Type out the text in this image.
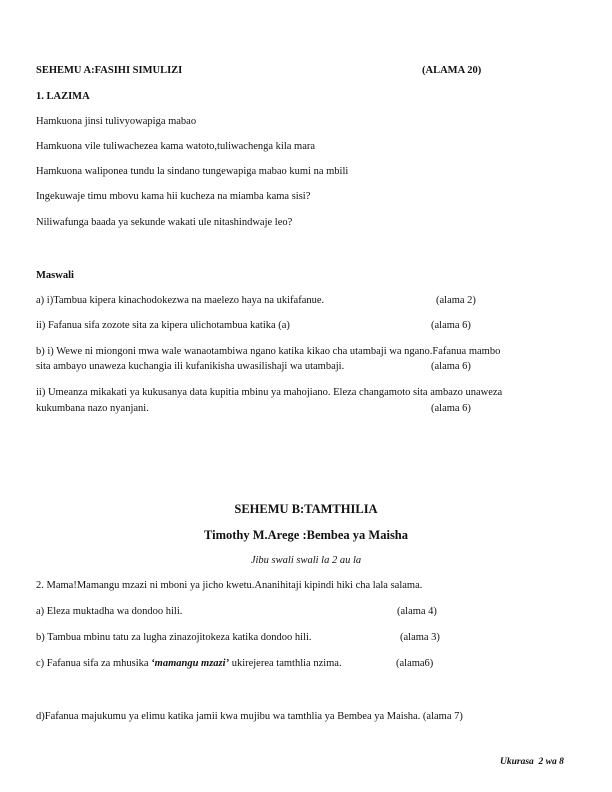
SEHEMU A:FASIHI SIMULIZI	(ALAMA 20)
1. LAZIMA
Hamkuona jinsi tulivyowapiga mabao
Hamkuona vile tuliwachezea kama watoto,tuliwachenga kila mara
Hamkuona waliponea tundu la sindano tungewapiga mabao kumi na mbili
Ingekuwaje timu mbovu kama hii kucheza na miamba kama sisi?
Niliwafunga baada ya sekunde wakati ule nitashindwaje leo?
Maswali
a) i)Tambua kipera kinachodokezwa na maelezo haya na ukifafanue.	(alama 2)
ii) Fafanua sifa zozote sita za kipera ulichotambua katika (a)	(alama 6)
b) i) Wewe ni miongoni mwa wale wanaotambiwa ngano katika kikao cha utambaji wa ngano.Fafanua mambo
sita ambayo unaweza kuchangia ili kufanikisha uwasilishaji wa utambaji.	(alama 6)
ii) Umeanza mikakati ya kukusanya data kupitia mbinu ya mahojiano. Eleza changamoto sita ambazo unaweza
kukumbana nazo nyanjani.	(alama 6)
SEHEMU B:TAMTHILIA
Timothy M.Arege :Bembea ya Maisha
Jibu swali swali la 2 au la
2. Mama!Mamangu mzazi ni mboni ya jicho kwetu.Ananihitaji kipindi hiki cha lala salama.
a) Eleza muktadha wa dondoo hili.	(alama 4)
b) Tambua mbinu tatu za lugha zinazojitokeza katika dondoo hili.	(alama 3)
c) Fafanua sifa za mhusika ‘mamangu mzazi’ ukirejerea tamthlia nzima.	(alama6)
d)Fafanua majukumu ya elimu katika jamii kwa mujibu wa tamthlia ya Bembea ya Maisha. (alama 7)
Ukurasa  2 wa 8
